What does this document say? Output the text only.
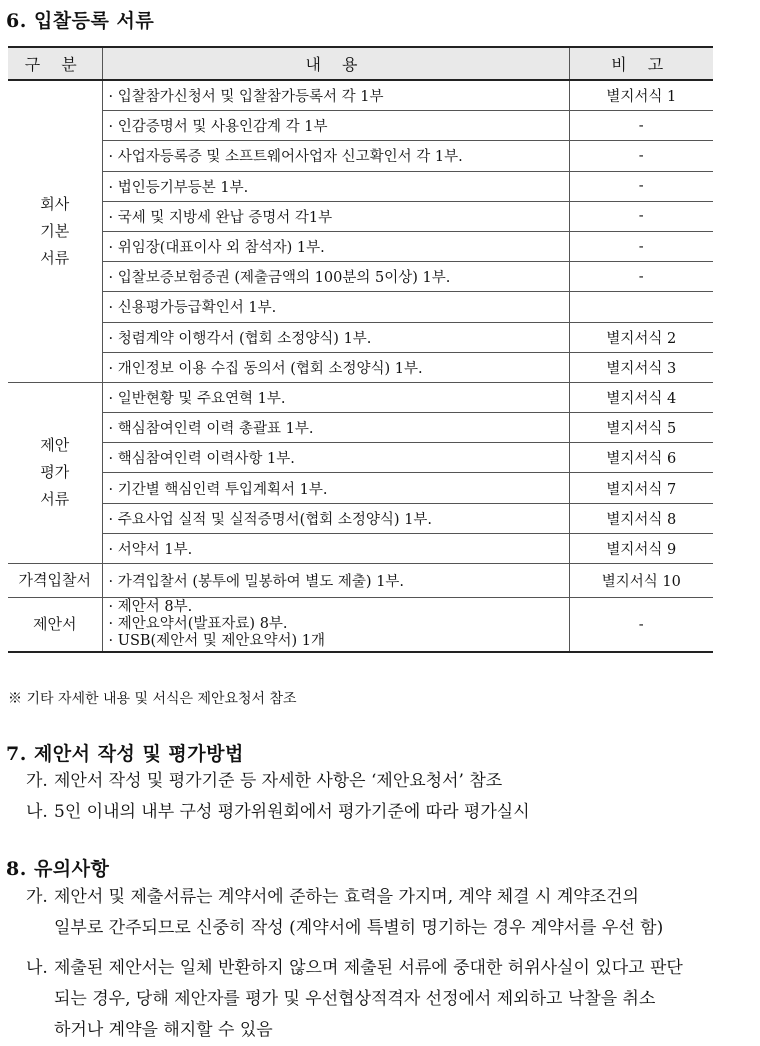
6. 입찰등록 서류
구 분	내 용	비 고

회사
기본
서류	· 입찰참가신청서 및 입찰참가등록서 각 1부	별지서식 1
	· 인감증명서 및 사용인감계 각 1부	-
	· 사업자등록증 및 소프트웨어사업자 신고확인서 각 1부.	-
	· 법인등기부등본 1부.	-
	· 국세 및 지방세 완납 증명서 각1부	-
	· 위임장(대표이사 외 참석자) 1부.	-
	· 입찰보증보험증권 (제출금액의 100분의 5이상) 1부.	-
	· 신용평가등급확인서 1부.	
	· 청렴계약 이행각서 (협회 소정양식) 1부.	별지서식 2
	· 개인정보 이용 수집 동의서 (협회 소정양식) 1부.	별지서식 3

제안
평가
서류	· 일반현황 및 주요연혁 1부.	별지서식 4
	· 핵심참여인력 이력 총괄표 1부.	별지서식 5
	· 핵심참여인력 이력사항 1부.	별지서식 6
	· 기간별 핵심인력 투입계획서 1부.	별지서식 7
	· 주요사업 실적 및 실적증명서(협회 소정양식) 1부.	별지서식 8
	· 서약서 1부.	별지서식 9
가격입찰서	· 가격입찰서 (봉투에 밀봉하여 별도 제출) 1부.	별지서식 10
제안서	· 제안서 8부.
· 제안요약서(발표자료) 8부.
· USB(제안서 및 제안요약서) 1개	-
※ 기타 자세한 내용 및 서식은 제안요청서 참조
7. 제안서 작성 및 평가방법
가. 제안서 작성 및 평가기준 등 자세한 사항은 ‘제안요청서’ 참조
나. 5인 이내의 내부 구성 평가위원회에서 평가기준에 따라 평가실시
8. 유의사항
가. 제안서 및 제출서류는 계약서에 준하는 효력을 가지며, 계약 체결 시 계약조건의
일부로 간주되므로 신중히 작성 (계약서에 특별히 명기하는 경우 계약서를 우선 함)
나. 제출된 제안서는 일체 반환하지 않으며 제출된 서류에 중대한 허위사실이 있다고 판단
되는 경우, 당해 제안자를 평가 및 우선협상적격자 선정에서 제외하고 낙찰을 취소
하거나 계약을 해지할 수 있음
